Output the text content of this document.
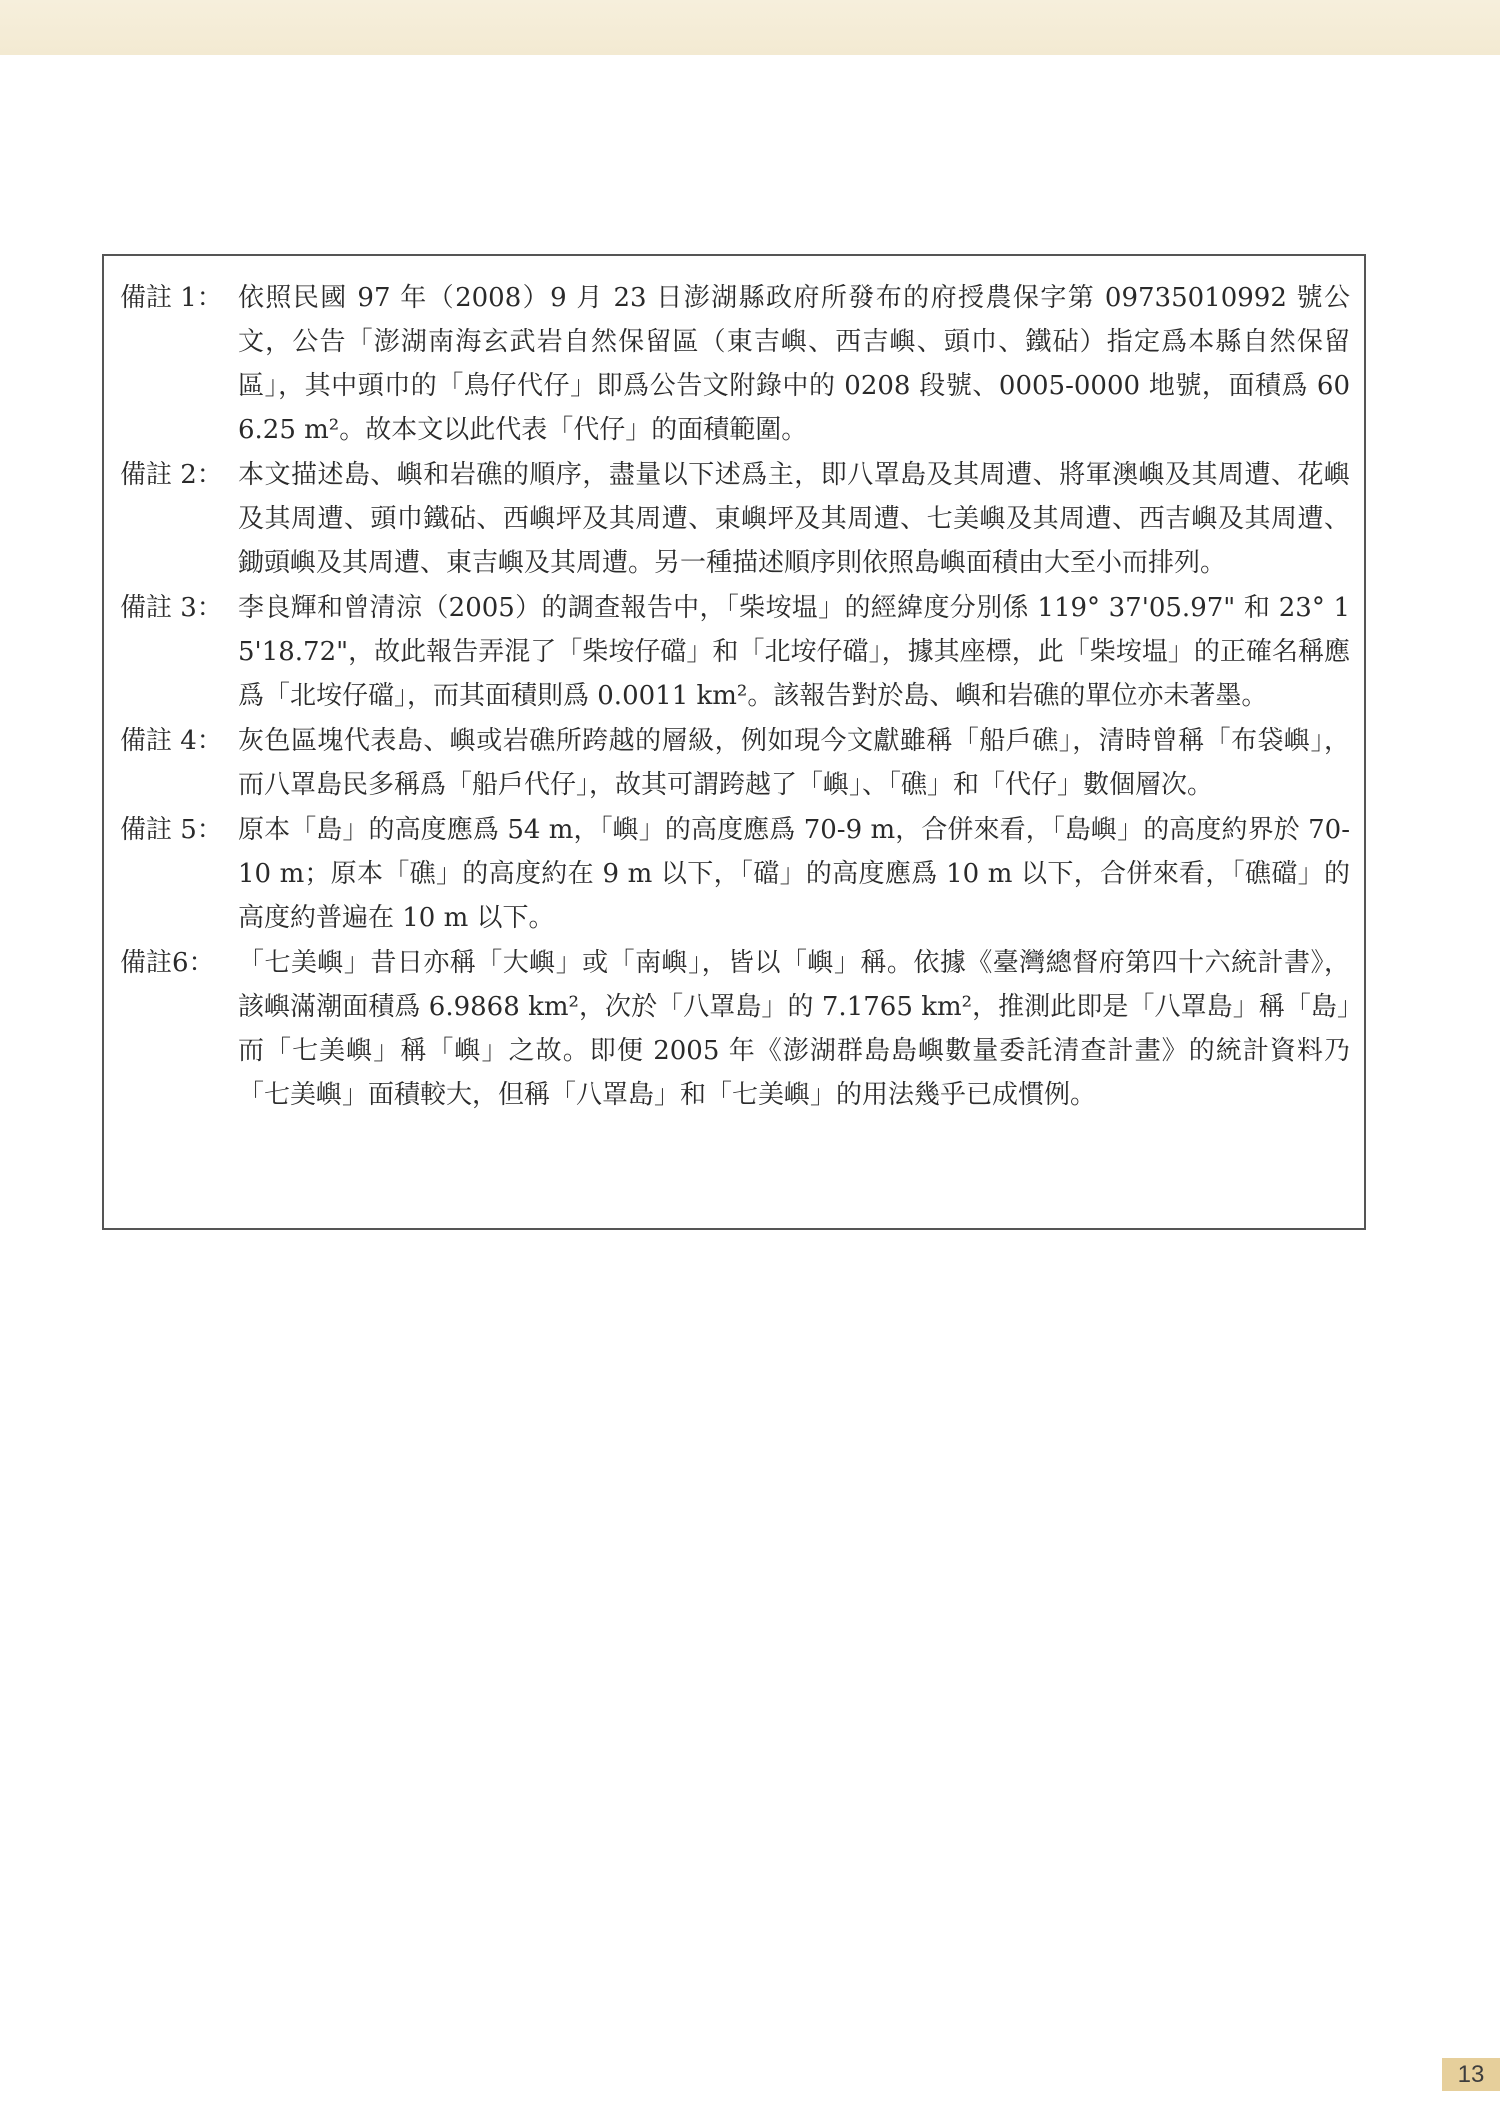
備註 1： 依照民國 97 年（2008）9 月 23 日澎湖縣政府所發布的府授農保字第 09735010992 號公文，公告「澎湖南海玄武岩自然保留區（東吉嶼、西吉嶼、頭巾、鐵砧）指定爲本縣自然保留區」，其中頭巾的「鳥仔代仔」即爲公告文附錄中的 0208 段號、0005-0000 地號，面積爲 606.25 m²。故本文以此代表「代仔」的面積範圍。
備註 2： 本文描述島、嶼和岩礁的順序，盡量以下述爲主，即八罩島及其周遭、將軍澳嶼及其周遭、花嶼及其周遭、頭巾鐵砧、西嶼坪及其周遭、東嶼坪及其周遭、七美嶼及其周遭、西吉嶼及其周遭、鋤頭嶼及其周遭、東吉嶼及其周遭。另一種描述順序則依照島嶼面積由大至小而排列。
備註 3： 李良輝和曾清涼（2005）的調查報告中，「柴垵塭」的經緯度分別係 119° 37'05.97" 和 23° 15'18.72"，故此報告弄混了「柴垵仔礑」和「北垵仔礑」，據其座標，此「柴垵塭」的正確名稱應爲「北垵仔礑」，而其面積則爲 0.0011 km²。該報告對於島、嶼和岩礁的單位亦未著墨。
備註 4： 灰色區塊代表島、嶼或岩礁所跨越的層級，例如現今文獻雖稱「船戶礁」，清時曾稱「布袋嶼」，而八罩島民多稱爲「船戶代仔」，故其可謂跨越了「嶼」、「礁」和「代仔」數個層次。
備註 5： 原本「島」的高度應爲 54 m，「嶼」的高度應爲 70-9 m，合併來看，「島嶼」的高度約界於 70-10 m；原本「礁」的高度約在 9 m 以下，「礑」的高度應爲 10 m 以下，合併來看，「礁礑」的高度約普遍在 10 m 以下。
備註6： 「七美嶼」昔日亦稱「大嶼」或「南嶼」，皆以「嶼」稱。依據《臺灣總督府第四十六統計書》，該嶼滿潮面積爲 6.9868 km²，次於「八罩島」的 7.1765 km²，推測此即是「八罩島」稱「島」而「七美嶼」稱「嶼」之故。即便 2005 年《澎湖群島島嶼數量委託清查計畫》的統計資料乃「七美嶼」面積較大，但稱「八罩島」和「七美嶼」的用法幾乎已成慣例。
13
